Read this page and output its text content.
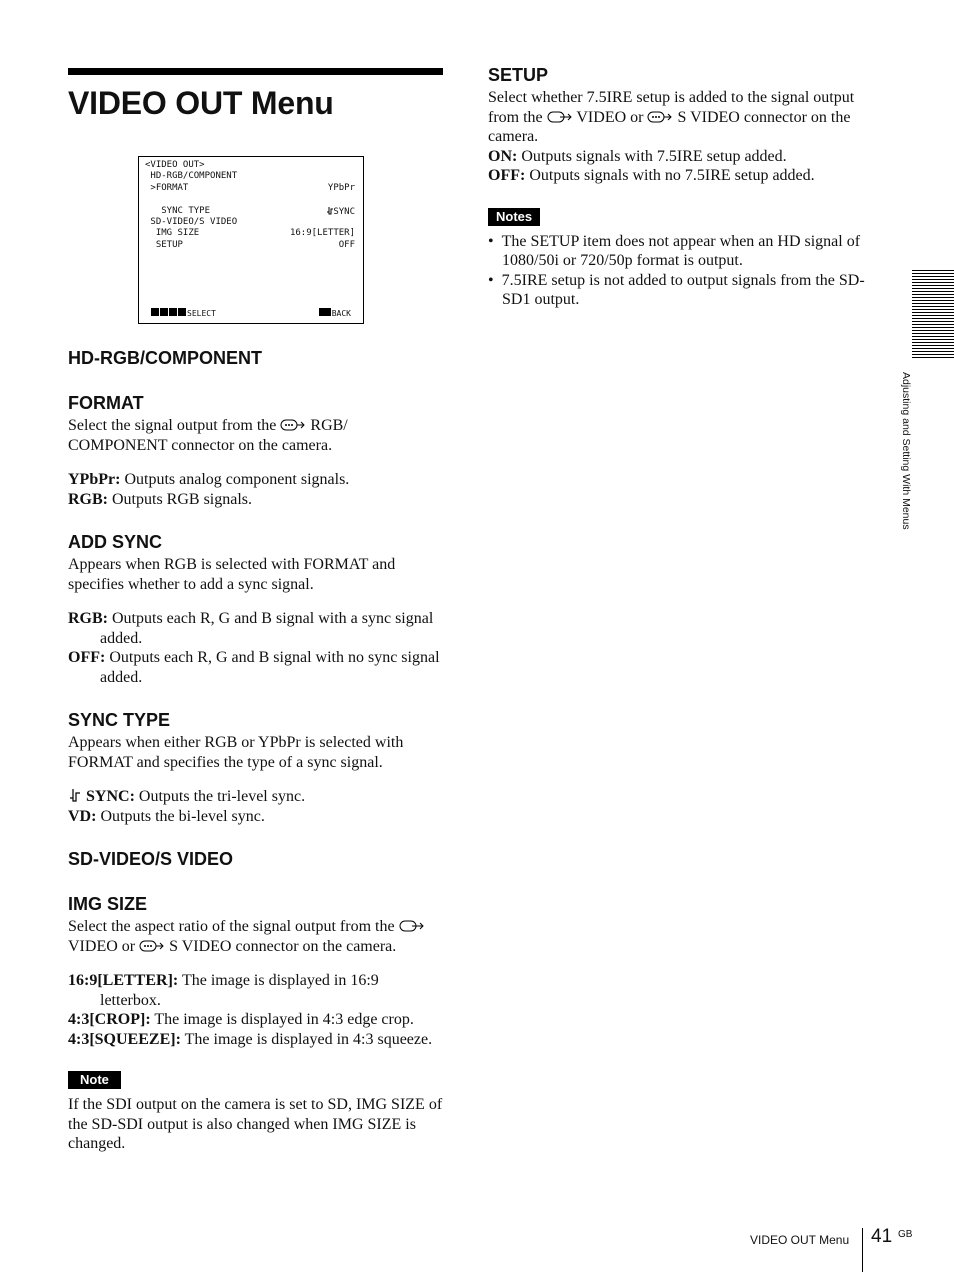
VIDEO OUT Menu
<VIDEO OUT>
HD-RGB/COMPONENT
>FORMAT	YPbPr
SYNC TYPE	SYNC
SD-VIDEO/S VIDEO
IMG SIZE	16:9[LETTER]
SETUP	OFF
SELECT	BACK
HD-RGB/COMPONENT
FORMAT

Select the signal output from the RGB/ COMPONENT connector on the camera.

YPbPr: Outputs analog component signals.

RGB: Outputs RGB signals.

ADD SYNC

Appears when RGB is selected with FORMAT and specifies whether to add a sync signal.

RGB: Outputs each R, G and B signal with a sync signal added.

OFF: Outputs each R, G and B signal with no sync signal added.

SYNC TYPE

Appears when either RGB or YPbPr is selected with FORMAT and specifies the type of a sync signal.

SYNC: Outputs the tri-level sync.

VD: Outputs the bi-level sync.

SD-VIDEO/S VIDEO
IMG SIZE

Select the aspect ratio of the signal output from the  VIDEO or S VIDEO connector on the camera.

16:9[LETTER]: The image is displayed in 16:9 letterbox.

4:3[CROP]: The image is displayed in 4:3 edge crop.

4:3[SQUEEZE]: The image is displayed in 4:3 squeeze.

Note

If the SDI output on the camera is set to SD, IMG SIZE of the SD-SDI output is also changed when IMG SIZE is changed.

SETUP

Select whether 7.5IRE setup is added to the signal output from the VIDEO or S VIDEO connector on the camera.

ON: Outputs signals with 7.5IRE setup added.

OFF: Outputs signals with no 7.5IRE setup added.

Notes

•  The SETUP item does not appear when an HD signal of 1080/50i or 720/50p format is output.

•  7.5IRE setup is not added to output signals from the SD-SD1 output.

Adjusting and Setting With Menus
VIDEO OUT Menu 41 GB
